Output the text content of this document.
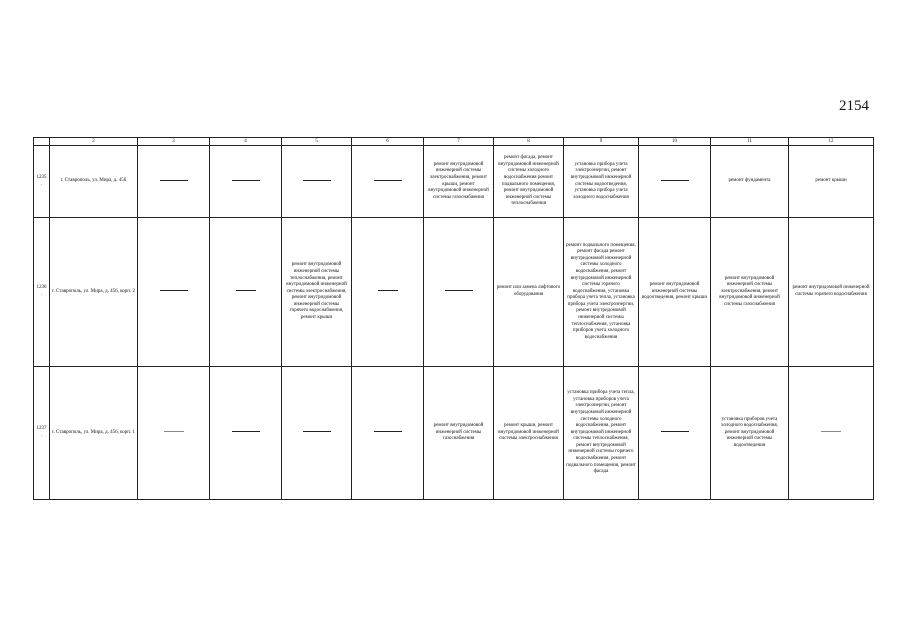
2154
	2	3	4	5	6	7	8	9	10	11	12
1235.	г. Ставрополь, ул. Мира, д. 456					ремонт внутридомовой инженерной системы электроснабжения, ремонт крыши, ремонт внутридомовой инженерной системы газоснабжения	ремонт фасада, ремонт внутридомовой инженерной системы холодного водоснабжения ремонт подвального помещения, ремонт внутридомовой инженерной системы теплоснабжения	установка прибора учета электроэнергии, ремонт внутридомовой инженерной системы водоотведения, установка прибора учета холодного водоснабжения		ремонт фундамента	ремонт крыши
1236.	г. Ставрополь, ул. Мира, д. 456, корп. 2			ремонт внутридомовой инженерной системы теплоснабжения, ремонт внутридомовой инженерной системы электроснабжения, ремонт внутридомовой инженерной системы горячего водоснабжения, ремонт крыши			ремонт или замена лифтового оборудования	ремонт подвального помещения, ремонт фасада ремонт внутридомовой инженерной системы холодного водоснабжения, ремонт внутридомовой инженерной системы горячего водоснабжения, установка прибора учета тепла, установка прибора учета электроэнергии, ремонт внутридомовой инженерной системы теплоснабжения, установка приборов учета холодного водоснабжения	ремонт внутридомовой инженерной системы водоотведения, ремонт крыши	ремонт внутридомовой инженерной системы электроснабжения, ремонт внутридомовой инженерной системы газоснабжения	ремонт внутридомовой инженерной системы горячего водоснабжения
1237.	г. Ставрополь, ул. Мира, д. 456, корп. 1					ремонт внутридомовой инженерной системы газоснабжения	ремонт крыши, ремонт внутридомовой инженерной системы электроснабжения	установка прибора учета тепла, установка приборов учета электроэнергии, ремонт внутридомовой инженерной системы холодного водоснабжения, ремонт внутридомовой инженерной системы теплоснабжения, ремонт внутридомовой инженерной системы горячего водоснабжения, ремонт подвального помещения, ремонт фасада		установка приборов учета холодного водоснабжения, ремонт внутридомовой инженерной системы водоотведения	
